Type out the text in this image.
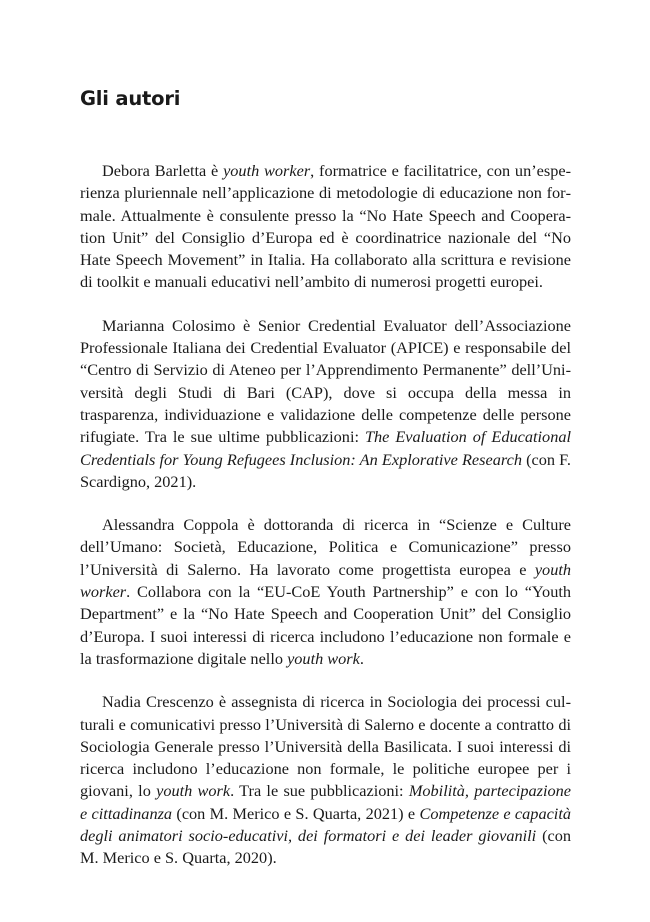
Gli autori

Debora Barletta è youth worker, formatrice e facilitatrice, con un’esperienza pluriennale nell’applicazione di metodologie di educazione non formale. Attualmente è consulente presso la “No Hate Speech and Cooperation Unit” del Consiglio d’Europa ed è coordinatrice nazionale del “No Hate Speech Movement” in Italia. Ha collaborato alla scrittura e revisione di toolkit e manuali educativi nell’ambito di numerosi progetti europei.

Marianna Colosimo è Senior Credential Evaluator dell’Associazione Professionale Italiana dei Credential Evaluator (APICE) e responsabile del “Centro di Servizio di Ateneo per l’Apprendimento Permanente” dell’Università degli Studi di Bari (CAP), dove si occupa della messa in trasparenza, individuazione e validazione delle competenze delle persone rifugiate. Tra le sue ultime pubblicazioni: The Evaluation of Educational Credentials for Young Refugees Inclusion: An Explorative Research (con F. Scardigno, 2021).

Alessandra Coppola è dottoranda di ricerca in “Scienze e Culture dell’Umano: Società, Educazione, Politica e Comunicazione” presso l’Università di Salerno. Ha lavorato come progettista europea e youth worker. Collabora con la “EU-CoE Youth Partnership” e con lo “Youth Department” e la “No Hate Speech and Cooperation Unit” del Consiglio d’Europa. I suoi interessi di ricerca includono l’educazione non formale e la trasformazione digitale nello youth work.

Nadia Crescenzo è assegnista di ricerca in Sociologia dei processi culturali e comunicativi presso l’Università di Salerno e docente a contratto di Sociologia Generale presso l’Università della Basilicata. I suoi interessi di ricerca includono l’educazione non formale, le politiche europee per i giovani, lo youth work. Tra le sue pubblicazioni: Mobilità, partecipazione e cittadinanza (con M. Merico e S. Quarta, 2021) e Competenze e capacità degli animatori socio-educativi, dei formatori e dei leader giovanili (con M. Merico e S. Quarta, 2020).
